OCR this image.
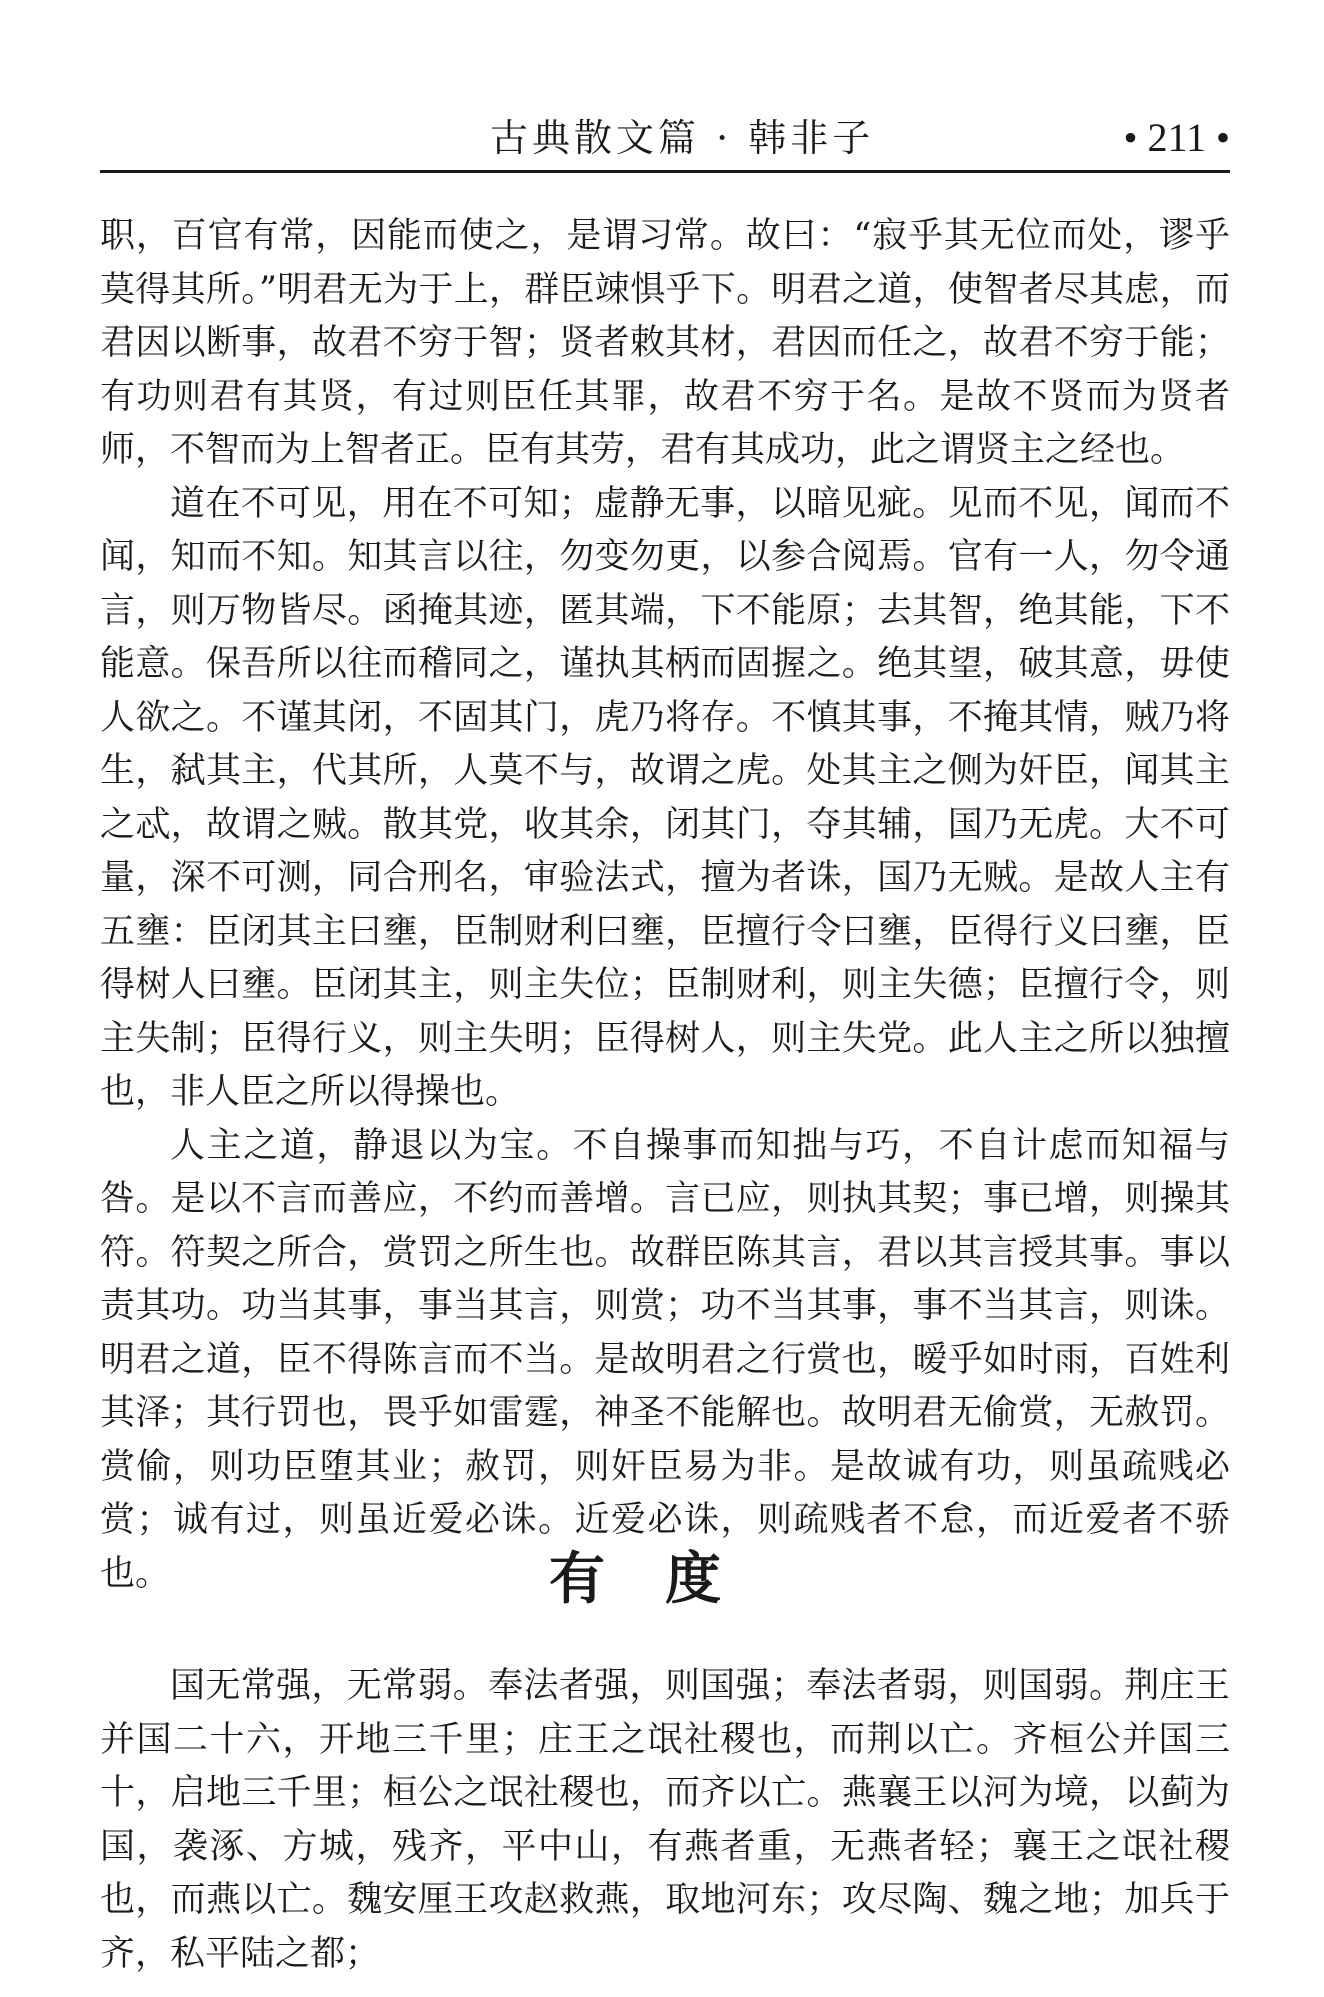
古典散文篇 · 韩非子	• 211 •

职，百官有常，因能而使之，是谓习常。故曰：“寂乎其无位而处，谬乎莫得其所。”明君无为于上，群臣竦惧乎下。明君之道，使智者尽其虑，而君因以断事，故君不穷于智；贤者敕其材，君因而任之，故君不穷于能；有功则君有其贤，有过则臣任其罪，故君不穷于名。是故不贤而为贤者师，不智而为上智者正。臣有其劳，君有其成功，此之谓贤主之经也。

道在不可见，用在不可知；虚静无事，以暗见疵。见而不见，闻而不闻，知而不知。知其言以往，勿变勿更，以参合阅焉。官有一人，勿令通言，则万物皆尽。函掩其迹，匿其端，下不能原；去其智，绝其能，下不能意。保吾所以往而稽同之，谨执其柄而固握之。绝其望，破其意，毋使人欲之。不谨其闭，不固其门，虎乃将存。不慎其事，不掩其情，贼乃将生，弑其主，代其所，人莫不与，故谓之虎。处其主之侧为奸臣，闻其主之忒，故谓之贼。散其党，收其余，闭其门，夺其辅，国乃无虎。大不可量，深不可测，同合刑名，审验法式，擅为者诛，国乃无贼。是故人主有五壅：臣闭其主曰壅，臣制财利曰壅，臣擅行令曰壅，臣得行义曰壅，臣得树人曰壅。臣闭其主，则主失位；臣制财利，则主失德；臣擅行令，则主失制；臣得行义，则主失明；臣得树人，则主失党。此人主之所以独擅也，非人臣之所以得操也。

人主之道，静退以为宝。不自操事而知拙与巧，不自计虑而知福与咎。是以不言而善应，不约而善增。言已应，则执其契；事已增，则操其符。符契之所合，赏罚之所生也。故群臣陈其言，君以其言授其事。事以责其功。功当其事，事当其言，则赏；功不当其事，事不当其言，则诛。明君之道，臣不得陈言而不当。是故明君之行赏也，暧乎如时雨，百姓利其泽；其行罚也，畏乎如雷霆，神圣不能解也。故明君无偷赏，无赦罚。赏偷，则功臣堕其业；赦罚，则奸臣易为非。是故诚有功，则虽疏贱必赏；诚有过，则虽近爱必诛。近爱必诛，则疏贱者不怠，而近爱者不骄也。	有度

国无常强，无常弱。奉法者强，则国强；奉法者弱，则国弱。荆庄王并国二十六，开地三千里；庄王之氓社稷也，而荆以亡。齐桓公并国三十，启地三千里；桓公之氓社稷也，而齐以亡。燕襄王以河为境，以蓟为国，袭涿、方城，残齐，平中山，有燕者重，无燕者轻；襄王之氓社稷也，而燕以亡。魏安厘王攻赵救燕，取地河东；攻尽陶、魏之地；加兵于齐，私平陆之都；
